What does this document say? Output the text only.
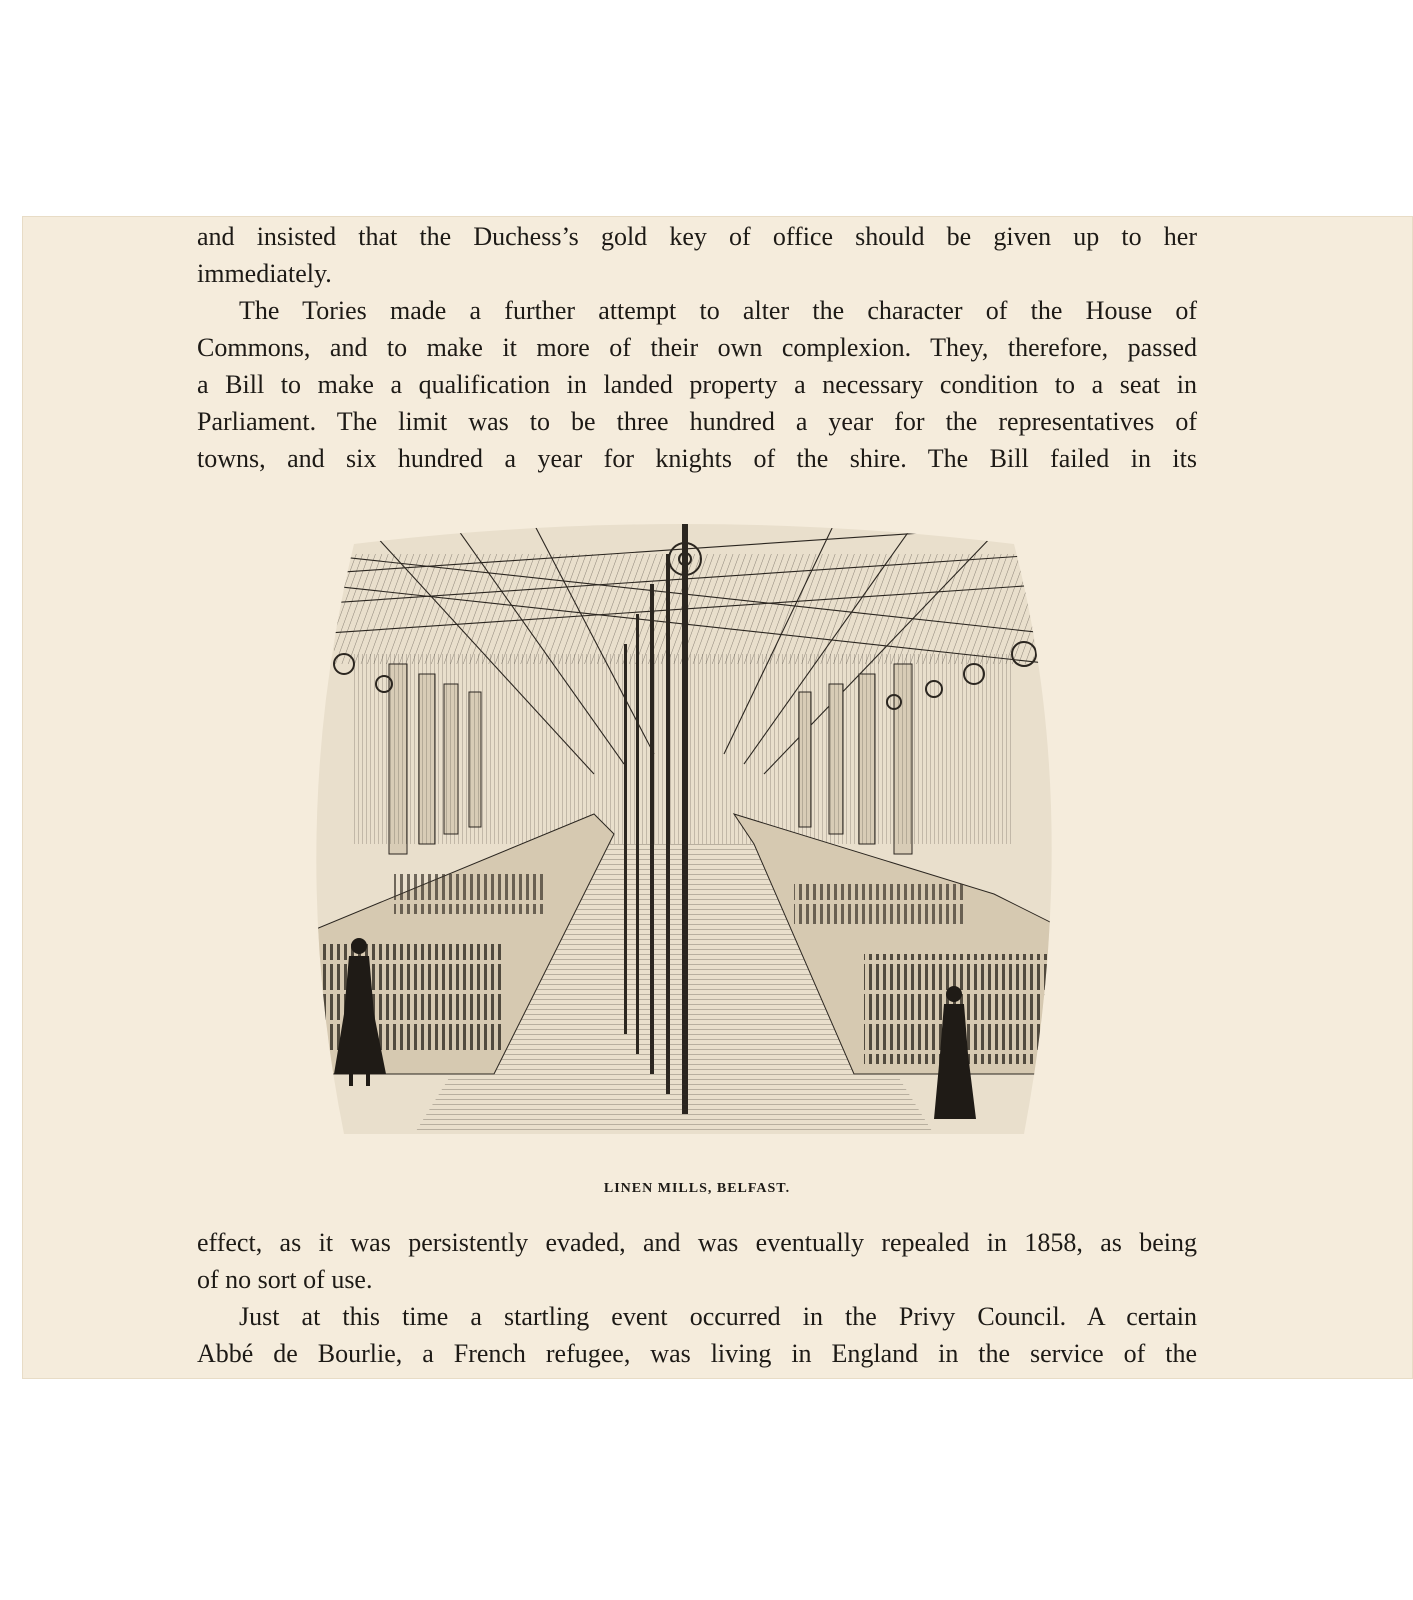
and insisted that the Duchess’s gold key of office should be given up to her

immediately.

The Tories made a further attempt to alter the character of the House of

Commons, and to make it more of their own complexion. They, therefore, passed

a Bill to make a qualification in landed property a necessary condition to a seat in

Parliament. The limit was to be three hundred a year for the representatives of

towns, and six hundred a year for knights of the shire. The Bill failed in its

LINEN MILLS, BELFAST.

effect, as it was persistently evaded, and was eventually repealed in 1858, as being

of no sort of use.

Just at this time a startling event occurred in the Privy Council. A certain

Abbé de Bourlie, a French refugee, was living in England in the service of the
